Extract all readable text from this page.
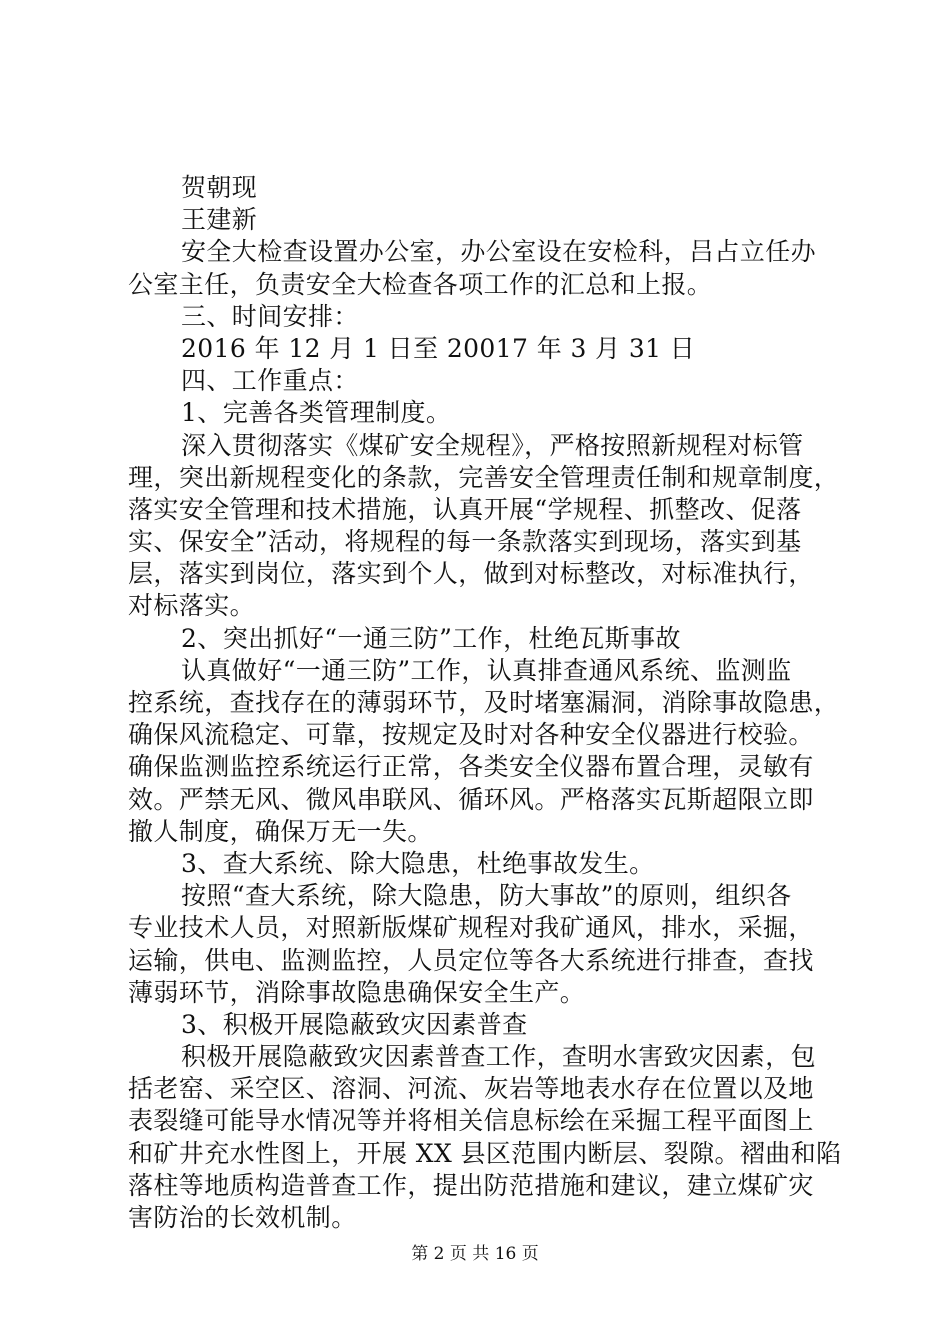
贺朝现
王建新
安全大检查设置办公室，办公室设在安检科，吕占立任办
公室主任，负责安全大检查各项工作的汇总和上报。
三、时间安排：
2016 年 12 月 1 日至 20017 年 3 月 31 日
四、工作重点：
1、完善各类管理制度。
深入贯彻落实《煤矿安全规程》，严格按照新规程对标管
理，突出新规程变化的条款，完善安全管理责任制和规章制度，
落实安全管理和技术措施，认真开展“学规程、抓整改、促落
实、保安全”活动，将规程的每一条款落实到现场，落实到基
层，落实到岗位，落实到个人，做到对标整改，对标准执行，
对标落实。
2、突出抓好“一通三防”工作，杜绝瓦斯事故
认真做好“一通三防”工作，认真排查通风系统、监测监
控系统，查找存在的薄弱环节，及时堵塞漏洞，消除事故隐患，
确保风流稳定、可靠，按规定及时对各种安全仪器进行校验。
确保监测监控系统运行正常，各类安全仪器布置合理，灵敏有
效。严禁无风、微风串联风、循环风。严格落实瓦斯超限立即
撤人制度，确保万无一失。
3、查大系统、除大隐患，杜绝事故发生。
按照“查大系统，除大隐患，防大事故”的原则，组织各
专业技术人员，对照新版煤矿规程对我矿通风，排水，采掘，
运输，供电、监测监控，人员定位等各大系统进行排查，查找
薄弱环节，消除事故隐患确保安全生产。
3、积极开展隐蔽致灾因素普查
积极开展隐蔽致灾因素普查工作，查明水害致灾因素，包
括老窑、采空区、溶洞、河流、灰岩等地表水存在位置以及地
表裂缝可能导水情况等并将相关信息标绘在采掘工程平面图上
和矿井充水性图上，开展 XX 县区范围内断层、裂隙。褶曲和陷
落柱等地质构造普查工作，提出防范措施和建议，建立煤矿灾
害防治的长效机制。
第 2 页 共 16 页
